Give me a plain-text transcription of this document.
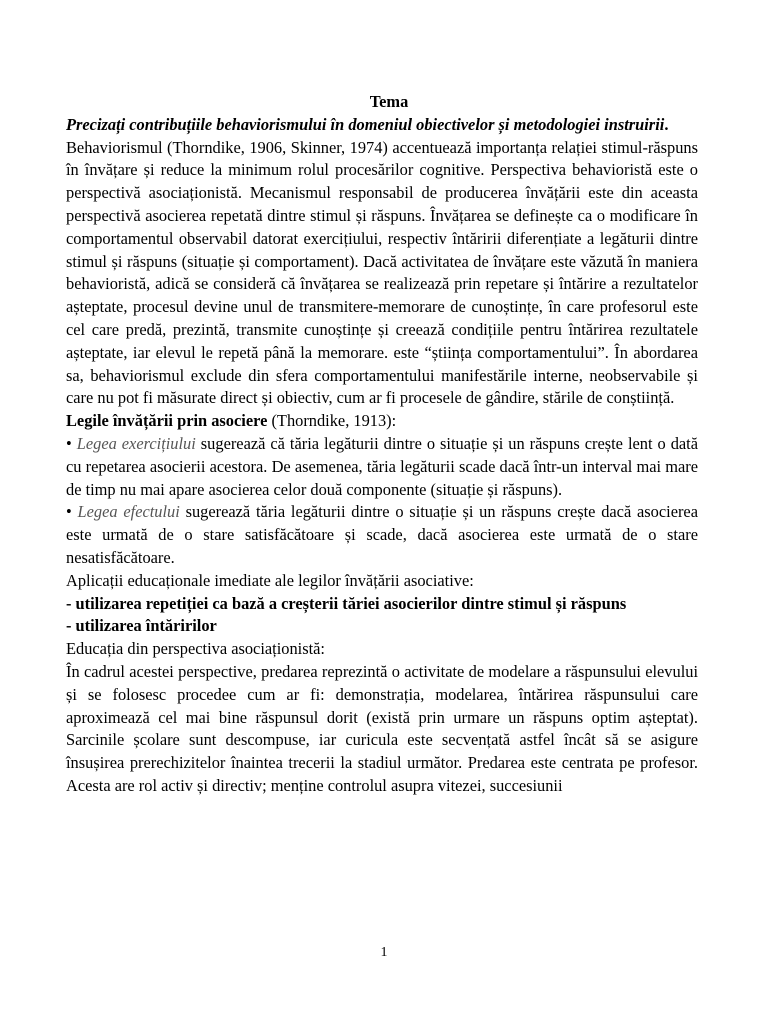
Tema

Precizați contribuțiile behaviorismului în domeniul obiectivelor și metodologiei instruirii.

Behaviorismul (Thorndike, 1906, Skinner, 1974) accentuează importanța relației stimul-răspuns în învățare și reduce la minimum rolul procesărilor cognitive. Perspectiva behavioristă este o perspectivă asociaționistă. Mecanismul responsabil de producerea învățării este din aceasta perspectivă asocierea repetată dintre stimul și răspuns. Învățarea se definește ca o modificare în comportamentul observabil datorat exercițiului, respectiv întăririi diferențiate a legăturii dintre stimul și răspuns (situație și comportament). Dacă activitatea de învățare este văzută în maniera behavioristă, adică se consideră că învățarea se realizează prin repetare și întărire a rezultatelor așteptate, procesul devine unul de transmitere-memorare de cunoștințe, în care profesorul este cel care predă, prezintă, transmite cunoștințe și creează condițiile pentru întărirea rezultatele așteptate, iar elevul le repetă până la memorare. este “știința comportamentului”. În abordarea sa, behaviorismul exclude din sfera comportamentului manifestările interne, neobservabile și care nu pot fi măsurate direct și obiectiv, cum ar fi procesele de gândire, stările de conștiință.

Legile învățării prin asociere (Thorndike, 1913):

• Legea exercițiului sugerează că tăria legăturii dintre o situație și un răspuns crește lent o dată cu repetarea asocierii acestora. De asemenea, tăria legăturii scade dacă într-un interval mai mare de timp nu mai apare asocierea celor două componente (situație și răspuns).

• Legea efectului sugerează tăria legăturii dintre o situație și un răspuns crește dacă asocierea este urmată de o stare satisfăcătoare și scade, dacă asocierea este urmată de o stare nesatisfăcătoare.

Aplicații educaționale imediate ale legilor învățării asociative:

- utilizarea repetiției ca bază a creșterii tăriei asocierilor dintre stimul și răspuns

- utilizarea întăririlor

Educația din perspectiva asociaționistă:

În cadrul acestei perspective, predarea reprezintă o activitate de modelare a răspunsului elevului și se folosesc procedee cum ar fi: demonstrația, modelarea, întărirea răspunsului care aproximează cel mai bine răspunsul dorit (există prin urmare un răspuns optim așteptat). Sarcinile școlare sunt descompuse, iar curicula este secvențată astfel încât să se asigure însușirea prerechizitelor înaintea trecerii la stadiul următor. Predarea este centrata pe profesor. Acesta are rol activ și directiv; menține controlul asupra vitezei, succesiunii

1
